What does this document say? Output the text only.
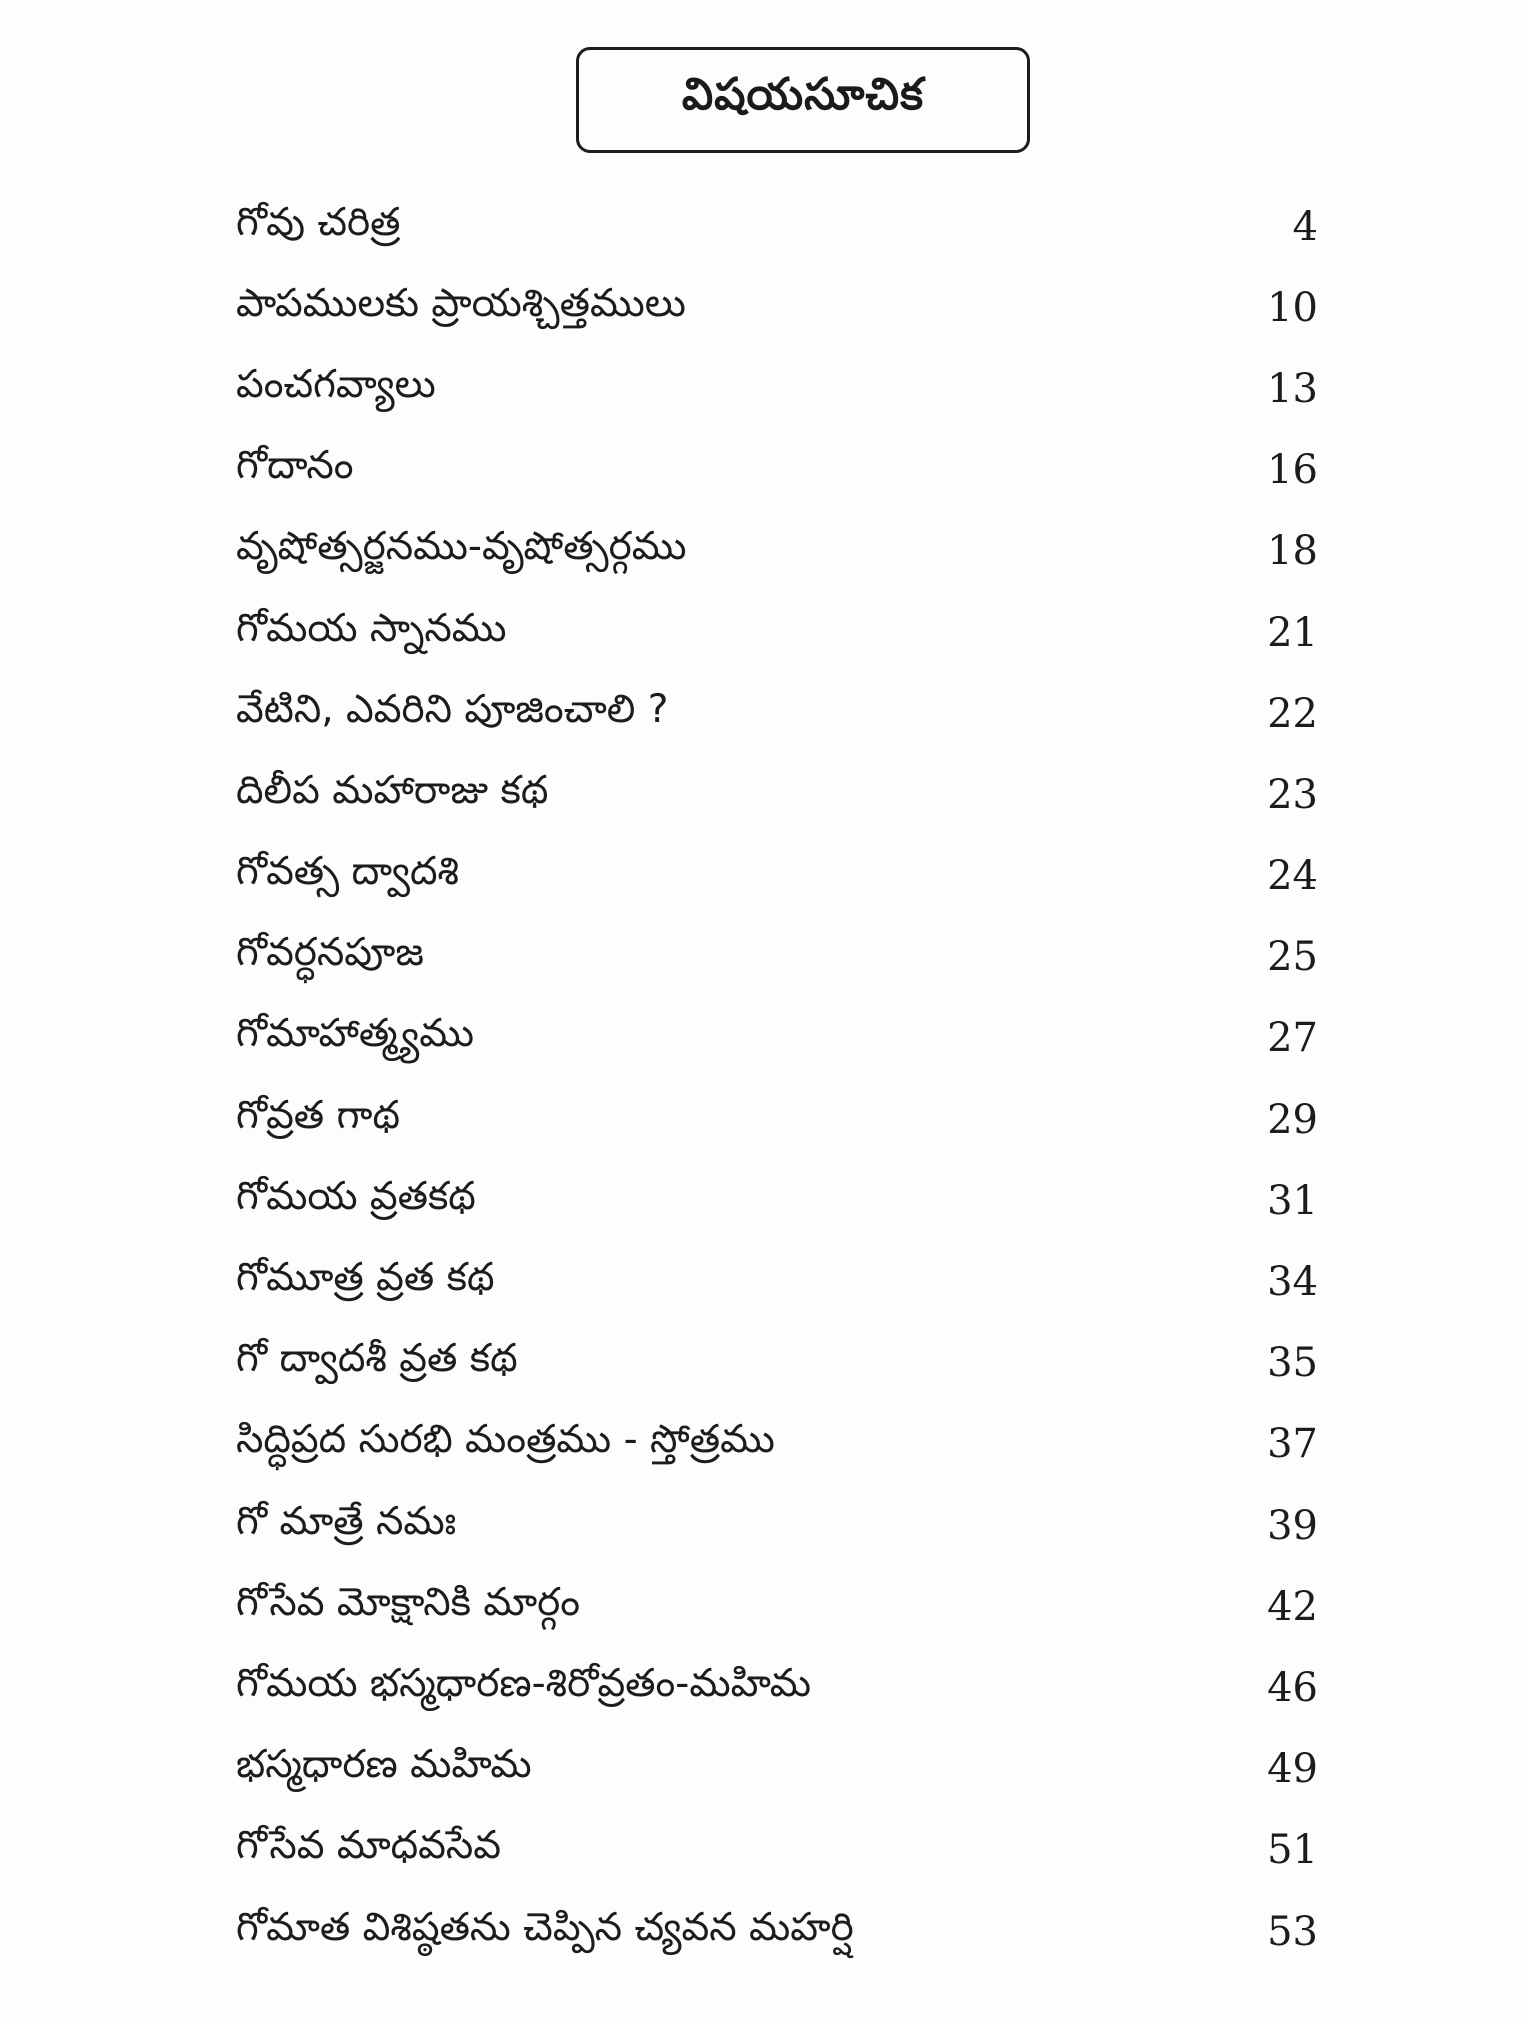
విషయసూచిక
గోవు చరిత్ర	4
పాపములకు ప్రాయశ్చిత్తములు	10
పంచగవ్యాలు	13
గోదానం	16
వృషోత్సర్జనము-వృషోత్సర్గము	18
గోమయ స్నానము	21
వేటిని, ఎవరిని పూజించాలి ?	22
దిలీప మహారాజు కథ	23
గోవత్స ద్వాదశి	24
గోవర్ధనపూజ	25
గోమాహాత్మ్యము	27
గోవ్రత గాథ	29
గోమయ వ్రతకథ	31
గోమూత్ర వ్రత కథ	34
గో ద్వాదశీ వ్రత కథ	35
సిద్ధిప్రద సురభి మంత్రము - స్తోత్రము	37
గో మాత్రే నమః	39
గోసేవ మోక్షానికి మార్గం	42
గోమయ భస్మధారణ-శిరోవ్రతం-మహిమ	46
భస్మధారణ మహిమ	49
గోసేవ మాధవసేవ	51
గోమాత విశిష్ఠతను చెప్పిన చ్యవన మహర్షి	53
